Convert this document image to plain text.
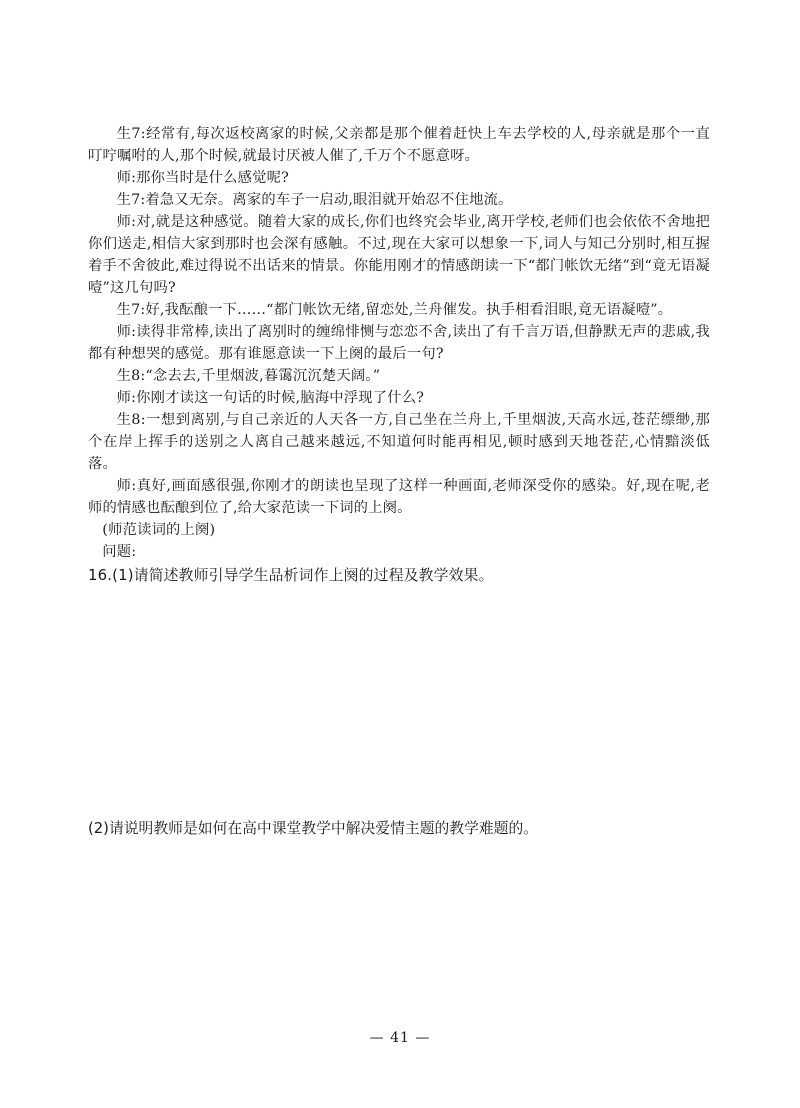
生7:经常有,每次返校离家的时候,父亲都是那个催着赶快上车去学校的人,母亲就是那个一直叮咛嘱咐的人,那个时候,就最讨厌被人催了,千万个不愿意呀。

师:那你当时是什么感觉呢?

生7:着急又无奈。离家的车子一启动,眼泪就开始忍不住地流。

师:对,就是这种感觉。随着大家的成长,你们也终究会毕业,离开学校,老师们也会依依不舍地把你们送走,相信大家到那时也会深有感触。不过,现在大家可以想象一下,词人与知己分别时,相互握着手不舍彼此,难过得说不出话来的情景。你能用刚才的情感朗读一下“都门帐饮无绪”到“竟无语凝噎”这几句吗?

生7:好,我酝酿一下……“都门帐饮无绪,留恋处,兰舟催发。执手相看泪眼,竟无语凝噎”。

师:读得非常棒,读出了离别时的缠绵悱恻与恋恋不舍,读出了有千言万语,但静默无声的悲戚,我都有种想哭的感觉。那有谁愿意读一下上阕的最后一句?

生8:“念去去,千里烟波,暮霭沉沉楚天阔。”

师:你刚才读这一句话的时候,脑海中浮现了什么?

生8:一想到离别,与自己亲近的人天各一方,自己坐在兰舟上,千里烟波,天高水远,苍茫缥缈,那个在岸上挥手的送别之人离自己越来越远,不知道何时能再相见,顿时感到天地苍茫,心情黯淡低落。

师:真好,画面感很强,你刚才的朗读也呈现了这样一种画面,老师深受你的感染。好,现在呢,老师的情感也酝酿到位了,给大家范读一下词的上阕。

(师范读词的上阕)

问题:

16.(1)请简述教师引导学生品析词作上阕的过程及教学效果。

(2)请说明教师是如何在高中课堂教学中解决爱情主题的教学难题的。

— 41 —
